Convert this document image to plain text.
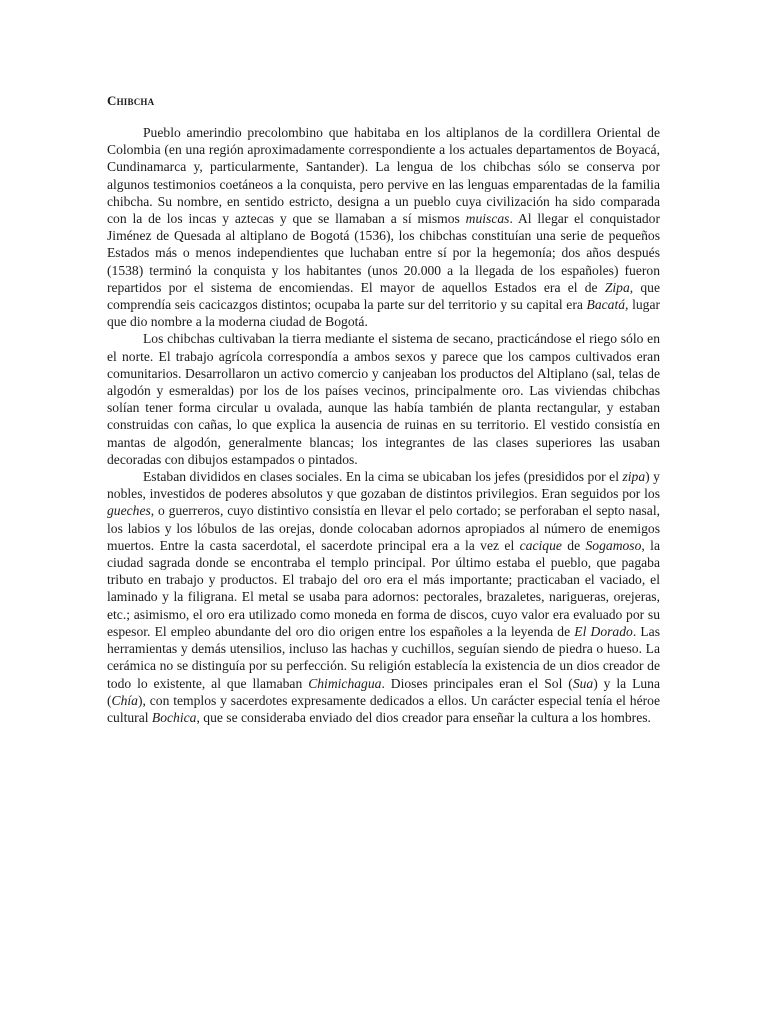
Chibcha

Pueblo amerindio precolombino que habitaba en los altiplanos de la cordillera Oriental de Colombia (en una región aproximadamente correspondiente a los actuales departamentos de Boyacá, Cundinamarca y, particularmente, Santander). La lengua de los chibchas sólo se conserva por algunos testimonios coetáneos a la conquista, pero pervive en las lenguas emparentadas de la familia chibcha. Su nombre, en sentido estricto, designa a un pueblo cuya civilización ha sido comparada con la de los incas y aztecas y que se llamaban a sí mismos muiscas. Al llegar el conquistador Jiménez de Quesada al altiplano de Bogotá (1536), los chibchas constituían una serie de pequeños Estados más o menos independientes que luchaban entre sí por la hegemonía; dos años después (1538) terminó la conquista y los habitantes (unos 20.000 a la llegada de los españoles) fueron repartidos por el sistema de encomiendas. El mayor de aquellos Estados era el de Zipa, que comprendía seis cacicazgos distintos; ocupaba la parte sur del territorio y su capital era Bacatá, lugar que dio nombre a la moderna ciudad de Bogotá.

Los chibchas cultivaban la tierra mediante el sistema de secano, practicándose el riego sólo en el norte. El trabajo agrícola correspondía a ambos sexos y parece que los campos cultivados eran comunitarios. Desarrollaron un activo comercio y canjeaban los productos del Altiplano (sal, telas de algodón y esmeraldas) por los de los países vecinos, principalmente oro. Las viviendas chibchas solían tener forma circular u ovalada, aunque las había también de planta rectangular, y estaban construidas con cañas, lo que explica la ausencia de ruinas en su territorio. El vestido consistía en mantas de algodón, generalmente blancas; los integrantes de las clases superiores las usaban decoradas con dibujos estampados o pintados.

Estaban divididos en clases sociales. En la cima se ubicaban los jefes (presididos por el zipa) y nobles, investidos de poderes absolutos y que gozaban de distintos privilegios. Eran seguidos por los gueches, o guerreros, cuyo distintivo consistía en llevar el pelo cortado; se perforaban el septo nasal, los labios y los lóbulos de las orejas, donde colocaban adornos apropiados al número de enemigos muertos. Entre la casta sacerdotal, el sacerdote principal era a la vez el cacique de Sogamoso, la ciudad sagrada donde se encontraba el templo principal. Por último estaba el pueblo, que pagaba tributo en trabajo y productos. El trabajo del oro era el más importante; practicaban el vaciado, el laminado y la filigrana. El metal se usaba para adornos: pectorales, brazaletes, narigueras, orejeras, etc.; asimismo, el oro era utilizado como moneda en forma de discos, cuyo valor era evaluado por su espesor. El empleo abundante del oro dio origen entre los españoles a la leyenda de El Dorado. Las herramientas y demás utensilios, incluso las hachas y cuchillos, seguían siendo de piedra o hueso. La cerámica no se distinguía por su perfección. Su religión establecía la existencia de un dios creador de todo lo existente, al que llamaban Chimichagua. Dioses principales eran el Sol (Sua) y la Luna (Chía), con templos y sacerdotes expresamente dedicados a ellos. Un carácter especial tenía el héroe cultural Bochica, que se consideraba enviado del dios creador para enseñar la cultura a los hombres.
